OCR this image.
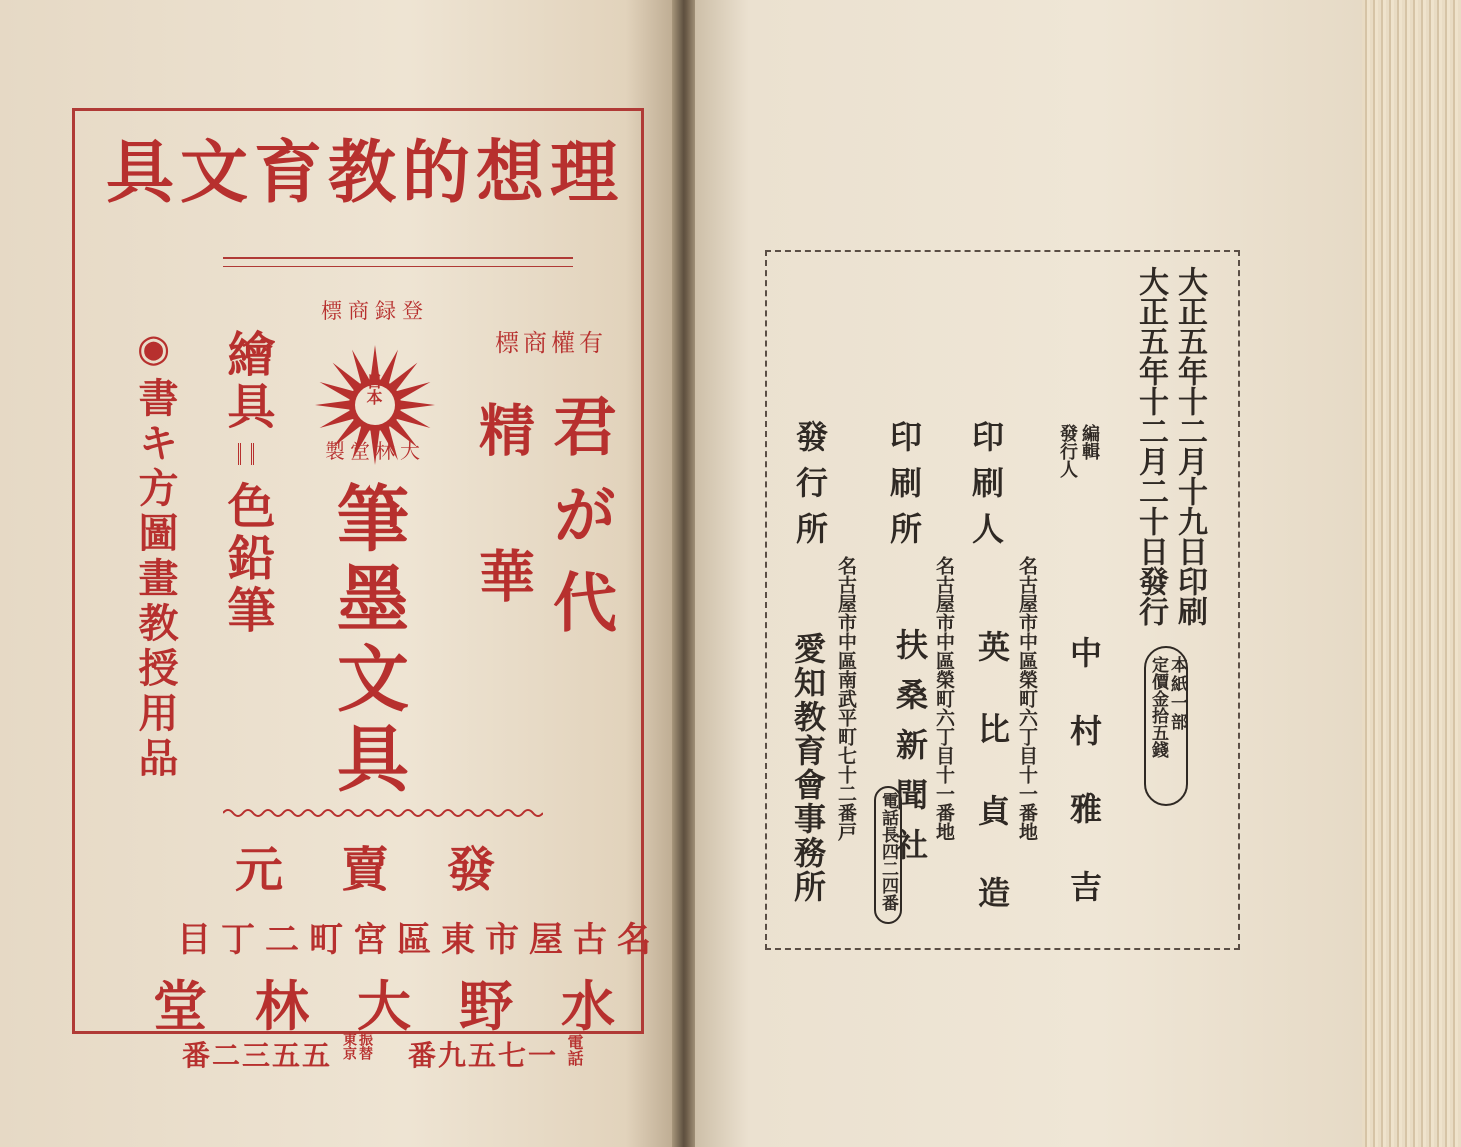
理想的教育文具
登録商標
日本
大林堂製
有權商標
君が代
精華
筆墨文具
繪具
色鉛筆
◉
書キ方圖畫教授用品
發賣元
名古屋市東區宮町二丁目
水野大林堂
電話
一七五九番
振替
東京
五五三二番

大正五年十二月十九日印刷
大正五年十二月二十日發行
本紙一部
定價金拾五錢
編輯
發行人
名古屋市中區榮町六丁目十一番地 中村雅吉
印刷人
英比貞造
名古屋市中區榮町六丁目十一番地
印刷所
扶桑新聞社
電話長四二四番
發行所
名古屋市中區南武平町七十二番戸
愛知教育會事務所
